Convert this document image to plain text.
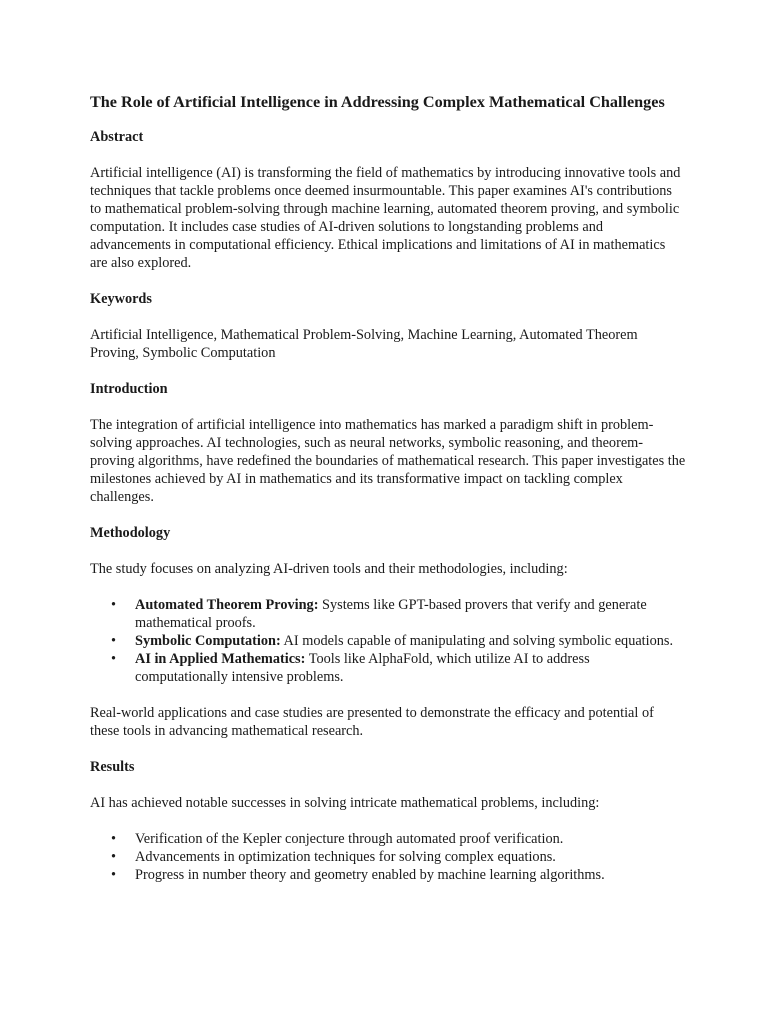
The Role of Artificial Intelligence in Addressing Complex Mathematical Challenges
Abstract

Artificial intelligence (AI) is transforming the field of mathematics by introducing innovative tools and techniques that tackle problems once deemed insurmountable. This paper examines AI's contributions to mathematical problem-solving through machine learning, automated theorem proving, and symbolic computation. It includes case studies of AI-driven solutions to longstanding problems and advancements in computational efficiency. Ethical implications and limitations of AI in mathematics are also explored.

Keywords

Artificial Intelligence, Mathematical Problem-Solving, Machine Learning, Automated Theorem Proving, Symbolic Computation

Introduction

The integration of artificial intelligence into mathematics has marked a paradigm shift in problem-solving approaches. AI technologies, such as neural networks, symbolic reasoning, and theorem-proving algorithms, have redefined the boundaries of mathematical research. This paper investigates the milestones achieved by AI in mathematics and its transformative impact on tackling complex challenges.

Methodology

The study focuses on analyzing AI-driven tools and their methodologies, including:

• Automated Theorem Proving: Systems like GPT-based provers that verify and generate mathematical proofs.
• Symbolic Computation: AI models capable of manipulating and solving symbolic equations.
• AI in Applied Mathematics: Tools like AlphaFold, which utilize AI to address computationally intensive problems.

Real-world applications and case studies are presented to demonstrate the efficacy and potential of these tools in advancing mathematical research.

Results

AI has achieved notable successes in solving intricate mathematical problems, including:

• Verification of the Kepler conjecture through automated proof verification.
• Advancements in optimization techniques for solving complex equations.
• Progress in number theory and geometry enabled by machine learning algorithms.
